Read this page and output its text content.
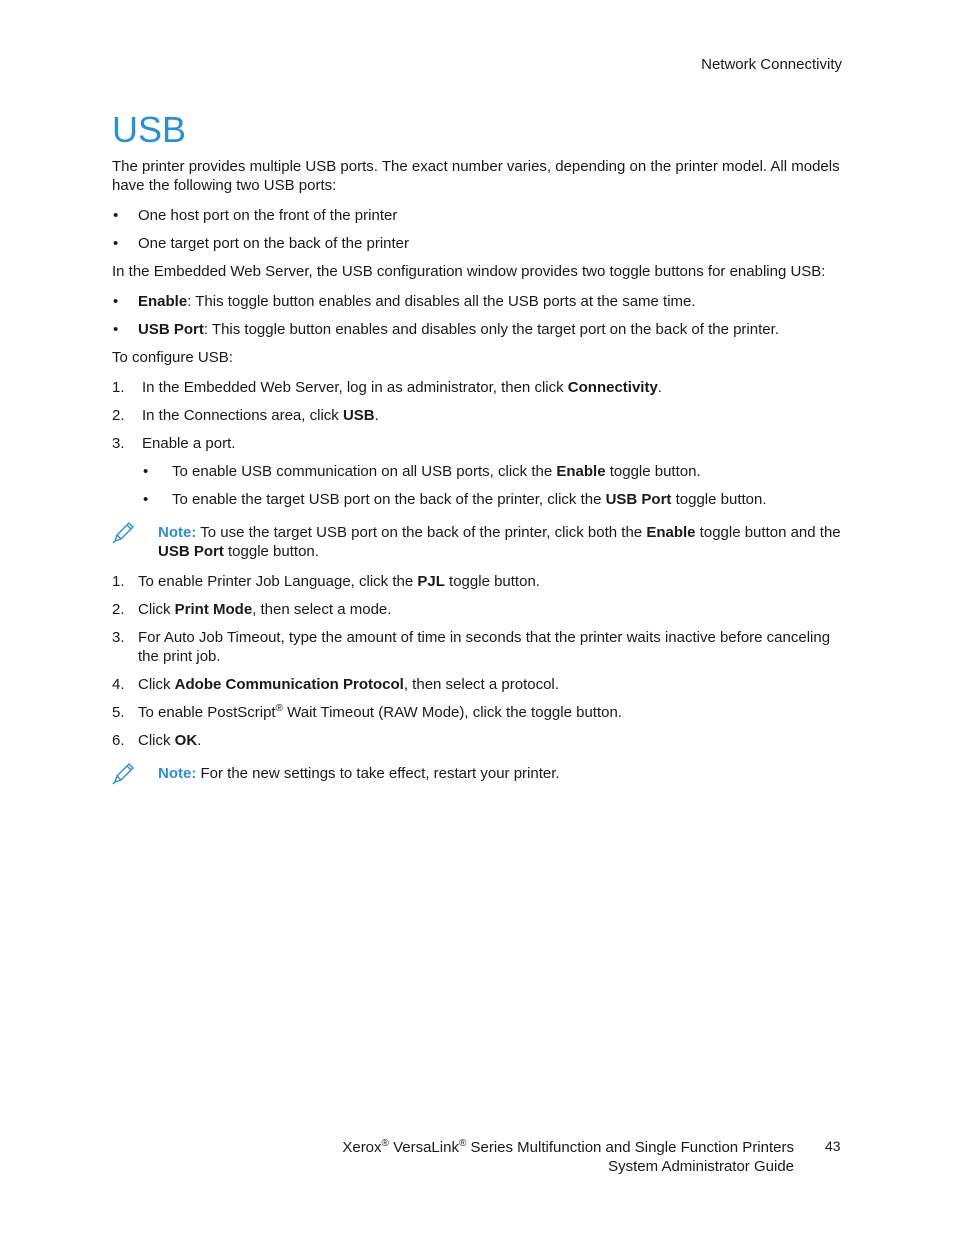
Network Connectivity
USB

The printer provides multiple USB ports. The exact number varies, depending on the printer model. All models have the following two USB ports:

• One host port on the front of the printer
• One target port on the back of the printer

In the Embedded Web Server, the USB configuration window provides two toggle buttons for enabling USB:

• Enable: This toggle button enables and disables all the USB ports at the same time.
• USB Port: This toggle button enables and disables only the target port on the back of the printer.

To configure USB:

1. In the Embedded Web Server, log in as administrator, then click Connectivity.
2. In the Connections area, click USB.
3. Enable a port.
• To enable USB communication on all USB ports, click the Enable toggle button.
• To enable the target USB port on the back of the printer, click the USB Port toggle button.
Note: To use the target USB port on the back of the printer, click both the Enable toggle button and the USB Port toggle button.
1. To enable Printer Job Language, click the PJL toggle button.
2. Click Print Mode, then select a mode.
3. For Auto Job Timeout, type the amount of time in seconds that the printer waits inactive before canceling the print job.
4. Click Adobe Communication Protocol, then select a protocol.
5. To enable PostScript® Wait Timeout (RAW Mode), click the toggle button.
6. Click OK.
Note: For the new settings to take effect, restart your printer.
Xerox® VersaLink® Series Multifunction and Single Function Printers
System Administrator Guide
43
